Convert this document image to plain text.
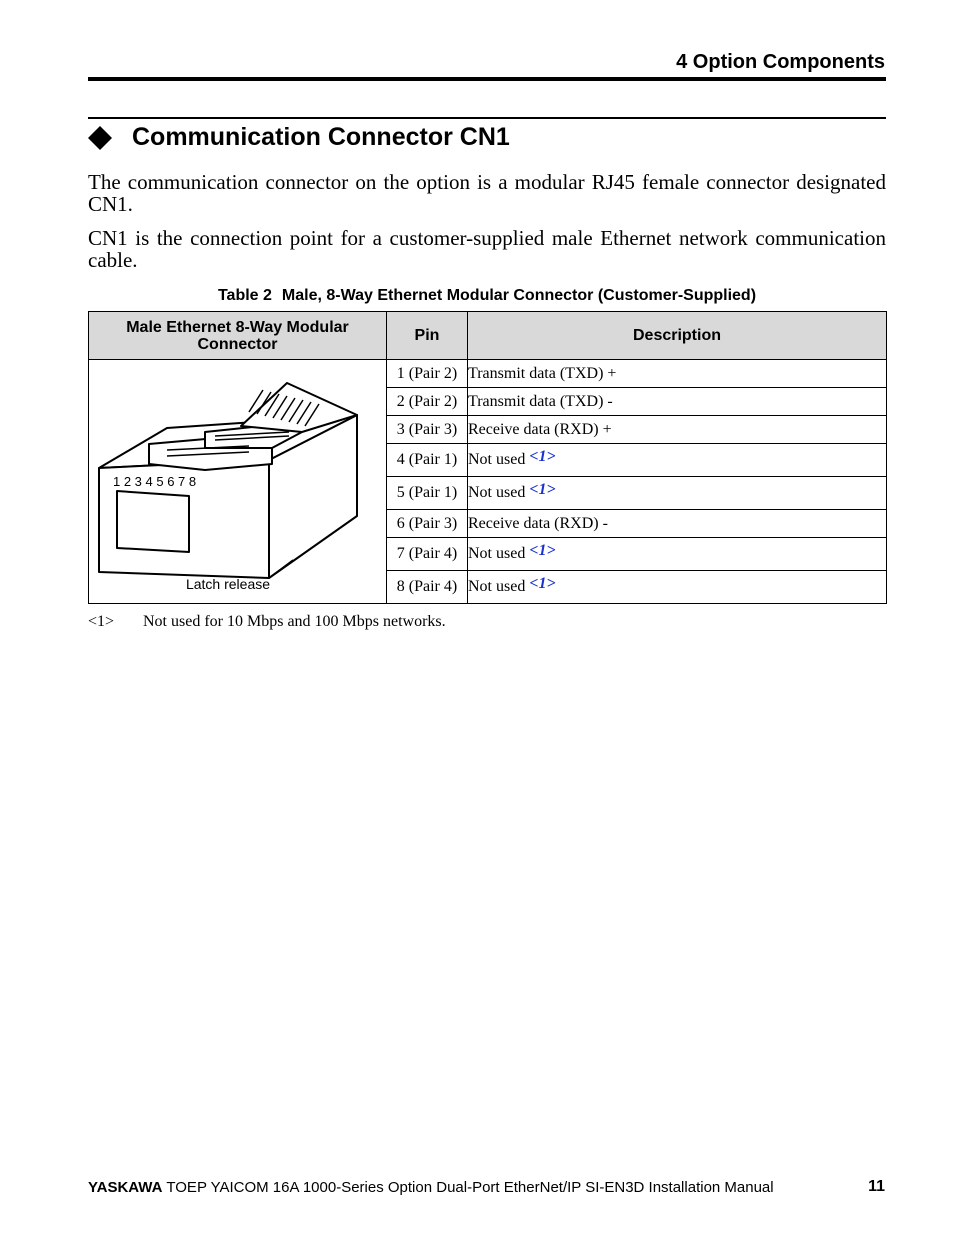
4 Option Components
Communication Connector CN1

The communication connector on the option is a modular RJ45 female connector designated CN1.

CN1 is the connection point for a customer-supplied male Ethernet network communication cable.

Table 2 Male, 8-Way Ethernet Modular Connector (Customer-Supplied)
Male Ethernet 8-Way Modular Connector	Pin	Description

1 2 3 4 5 6 7 8
Latch release	1 (Pair 2)	Transmit data (TXD) +
	2 (Pair 2)	Transmit data (TXD) -
	3 (Pair 3)	Receive data (RXD) +
	4 (Pair 1)	Not used <1>
	5 (Pair 1)	Not used <1>
	6 (Pair 3)	Receive data (RXD) -
	7 (Pair 4)	Not used <1>
	8 (Pair 4)	Not used <1>
<1> Not used for 10 Mbps and 100 Mbps networks.
YASKAWA TOEP YAICOM 16A 1000-Series Option Dual-Port EtherNet/IP SI-EN3D Installation Manual	11
